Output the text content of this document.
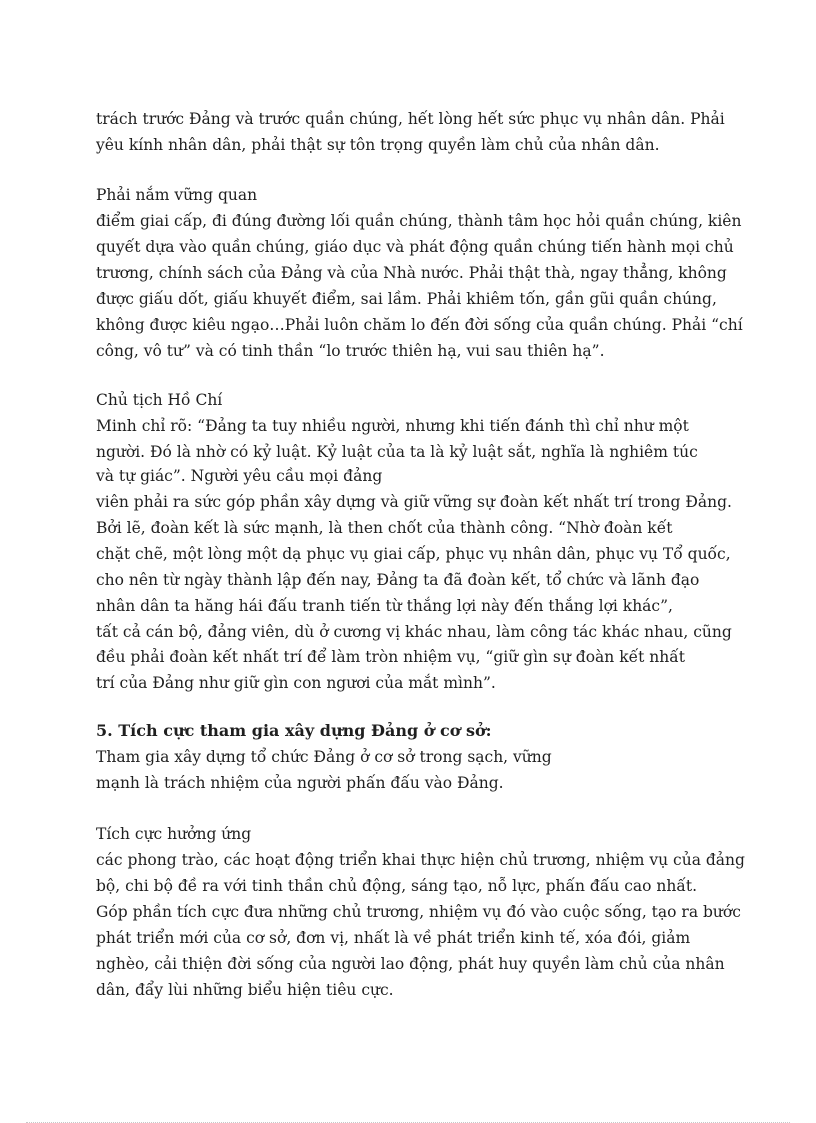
trách trước Đảng và trước quần chúng, hết lòng hết sức phục vụ nhân dân. Phải
yêu kính nhân dân, phải thật sự tôn trọng quyền làm chủ của nhân dân.
Phải nắm vững quan
điểm giai cấp, đi đúng đường lối quần chúng, thành tâm học hỏi quần chúng, kiên
quyết dựa vào quần chúng, giáo dục và phát động quần chúng tiến hành mọi chủ
trương, chính sách của Đảng và của Nhà nước. Phải thật thà, ngay thẳng, không
được giấu dốt, giấu khuyết điểm, sai lầm. Phải khiêm tốn, gần gũi quần chúng,
không được kiêu ngạo…Phải luôn chăm lo đến đời sống của quần chúng. Phải “chí
công, vô tư” và có tinh thần “lo trước thiên hạ, vui sau thiên hạ”.
Chủ tịch Hồ Chí
Minh chỉ rõ: “Đảng ta tuy nhiều người, nhưng khi tiến đánh thì chỉ như một
người. Đó là nhờ có kỷ luật. Kỷ luật của ta là kỷ luật sắt, nghĩa là nghiêm túc
và tự giác”. Người yêu cầu mọi đảng
viên phải ra sức góp phần xây dựng và giữ vững sự đoàn kết nhất trí trong Đảng.
Bởi lẽ, đoàn kết là sức mạnh, là then chốt của thành công. “Nhờ đoàn kết
chặt chẽ, một lòng một dạ phục vụ giai cấp, phục vụ nhân dân, phục vụ Tổ quốc,
cho nên từ ngày thành lập đến nay, Đảng ta đã đoàn kết, tổ chức và lãnh đạo
nhân dân ta hăng hái đấu tranh tiến từ thắng lợi này đến thắng lợi khác”,
tất cả cán bộ, đảng viên, dù ở cương vị khác nhau, làm công tác khác nhau, cũng
đều phải đoàn kết nhất trí để làm tròn nhiệm vụ, “giữ gìn sự đoàn kết nhất
trí của Đảng như giữ gìn con ngươi của mắt mình”.
5. Tích cực tham gia xây dựng Đảng ở cơ sở:
Tham gia xây dựng tổ chức Đảng ở cơ sở trong sạch, vững
mạnh là trách nhiệm của người phấn đấu vào Đảng.
Tích cực hưởng ứng
các phong trào, các hoạt động triển khai thực hiện chủ trương, nhiệm vụ của đảng
bộ, chi bộ đề ra với tinh thần chủ động, sáng tạo, nỗ lực, phấn đấu cao nhất.
Góp phần tích cực đưa những chủ trương, nhiệm vụ đó vào cuộc sống, tạo ra bước
phát triển mới của cơ sở, đơn vị, nhất là về phát triển kinh tế, xóa đói, giảm
nghèo, cải thiện đời sống của người lao động, phát huy quyền làm chủ của nhân
dân, đẩy lùi những biểu hiện tiêu cực.
